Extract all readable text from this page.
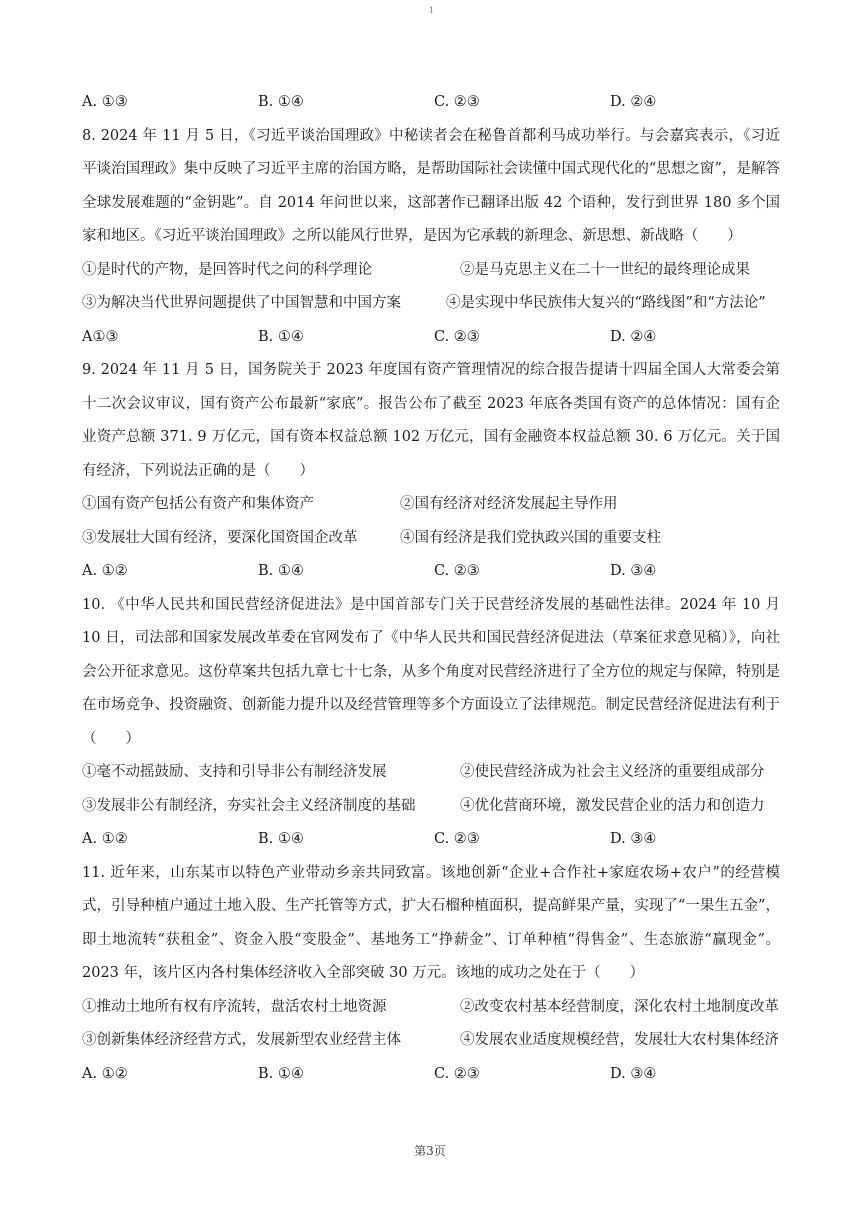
1
A. ①③	B. ①④	C. ②③	D. ②④
8. 2024 年 11 月 5 日，《习近平谈治国理政》中秘读者会在秘鲁首都利马成功举行。与会嘉宾表示，《习近平谈治国理政》集中反映了习近平主席的治国方略，是帮助国际社会读懂中国式现代化的“思想之窗”，是解答全球发展难题的“金钥匙”。自 2014 年问世以来，这部著作已翻译出版 42 个语种，发行到世界 180 多个国家和地区。《习近平谈治国理政》之所以能风行世界，是因为它承载的新理念、新思想、新战略（　　）
①是时代的产物，是回答时代之问的科学理论	②是马克思主义在二十一世纪的最终理论成果
③为解决当代世界问题提供了中国智慧和中国方案	④是实现中华民族伟大复兴的“路线图”和“方法论”
A①③	B. ①④	C. ②③	D. ②④
9. 2024 年 11 月 5 日，国务院关于 2023 年度国有资产管理情况的综合报告提请十四届全国人大常委会第十二次会议审议，国有资产公布最新“家底”。报告公布了截至 2023 年底各类国有资产的总体情况：国有企业资产总额 371. 9 万亿元，国有资本权益总额 102 万亿元，国有金融资本权益总额 30. 6 万亿元。关于国有经济，下列说法正确的是（　　）
①国有资产包括公有资产和集体资产	②国有经济对经济发展起主导作用
③发展壮大国有经济，要深化国资国企改革	④国有经济是我们党执政兴国的重要支柱
A. ①②	B. ①④	C. ②③	D. ③④
10. 《中华人民共和国民营经济促进法》是中国首部专门关于民营经济发展的基础性法律。2024 年 10 月 10 日，司法部和国家发展改革委在官网发布了《中华人民共和国民营经济促进法（草案征求意见稿）》，向社会公开征求意见。这份草案共包括九章七十七条，从多个角度对民营经济进行了全方位的规定与保障，特别是在市场竞争、投资融资、创新能力提升以及经营管理等多个方面设立了法律规范。制定民营经济促进法有利于（　　）
①毫不动摇鼓励、支持和引导非公有制经济发展	②使民营经济成为社会主义经济的重要组成部分
③发展非公有制经济，夯实社会主义经济制度的基础	④优化营商环境，激发民营企业的活力和创造力
A. ①②	B. ①④	C. ②③	D. ③④
11. 近年来，山东某市以特色产业带动乡亲共同致富。该地创新“企业+合作社+家庭农场+农户”的经营模式，引导种植户通过土地入股、生产托管等方式，扩大石榴种植面积，提高鲜果产量，实现了“一果生五金”，即土地流转“获租金”、资金入股“变股金”、基地务工“挣薪金”、订单种植“得售金”、生态旅游“赢现金”。2023 年，该片区内各村集体经济收入全部突破 30 万元。该地的成功之处在于（　　）
①推动土地所有权有序流转，盘活农村土地资源	②改变农村基本经营制度，深化农村土地制度改革
③创新集体经济经营方式，发展新型农业经营主体	④发展农业适度规模经营，发展壮大农村集体经济
A. ①②	B. ①④	C. ②③	D. ③④
第3页
